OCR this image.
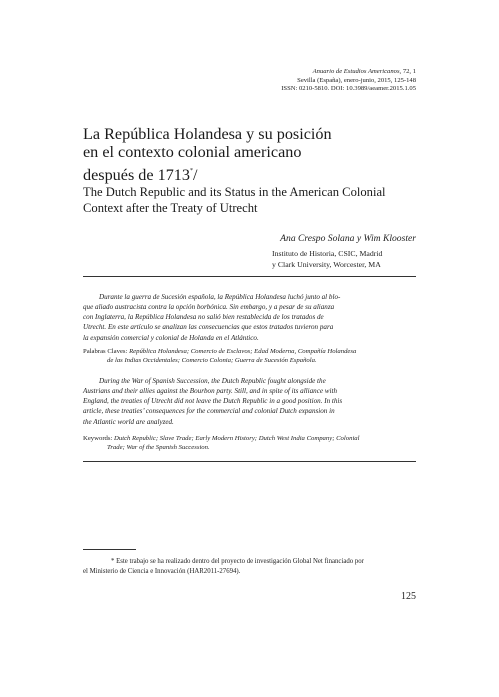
Anuario de Estudios Americanos, 72, 1
Sevilla (España), enero-junio, 2015, 125-148
ISSN: 0210-5810. DOI: 10.3989/aeamer.2015.1.05
La República Holandesa y su posición
en el contexto colonial americano
después de 1713*/
The Dutch Republic and its Status in the American Colonial
Context after the Treaty of Utrecht
Ana Crespo Solana y Wim Klooster
Instituto de Historia, CSIC, Madrid
y Clark University, Worcester, MA
Durante la guerra de Sucesión española, la República Holandesa luchó junto al blo-
que aliado austracista contra la opción borbónica. Sin embargo, y a pesar de su alianza
con Inglaterra, la República Holandesa no salió bien restablecida de los tratados de
Utrecht. En este artículo se analizan las consecuencias que estos tratados tuvieron para
la expansión comercial y colonial de Holanda en el Atlántico.
Palabras Claves: República Holandesa; Comercio de Esclavos; Edad Moderna, Compañía Holandesa
de las Indias Occidentales; Comercio Colonia; Guerra de Sucesión Española.
During the War of Spanish Succession, the Dutch Republic fought alongside the
Austrians and their allies against the Bourbon party. Still, and in spite of its alliance with
England, the treaties of Utrecht did not leave the Dutch Republic in a good position. In this
article, these treaties’ consequences for the commercial and colonial Dutch expansion in
the Atlantic world are analyzed.
Keywords: Dutch Republic; Slave Trade; Early Modern History; Dutch West India Company; Colonial
Trade; War of the Spanish Succession.
* Este trabajo se ha realizado dentro del proyecto de investigación Global Net financiado por
el Ministerio de Ciencia e Innovación (HAR2011-27694).
125
